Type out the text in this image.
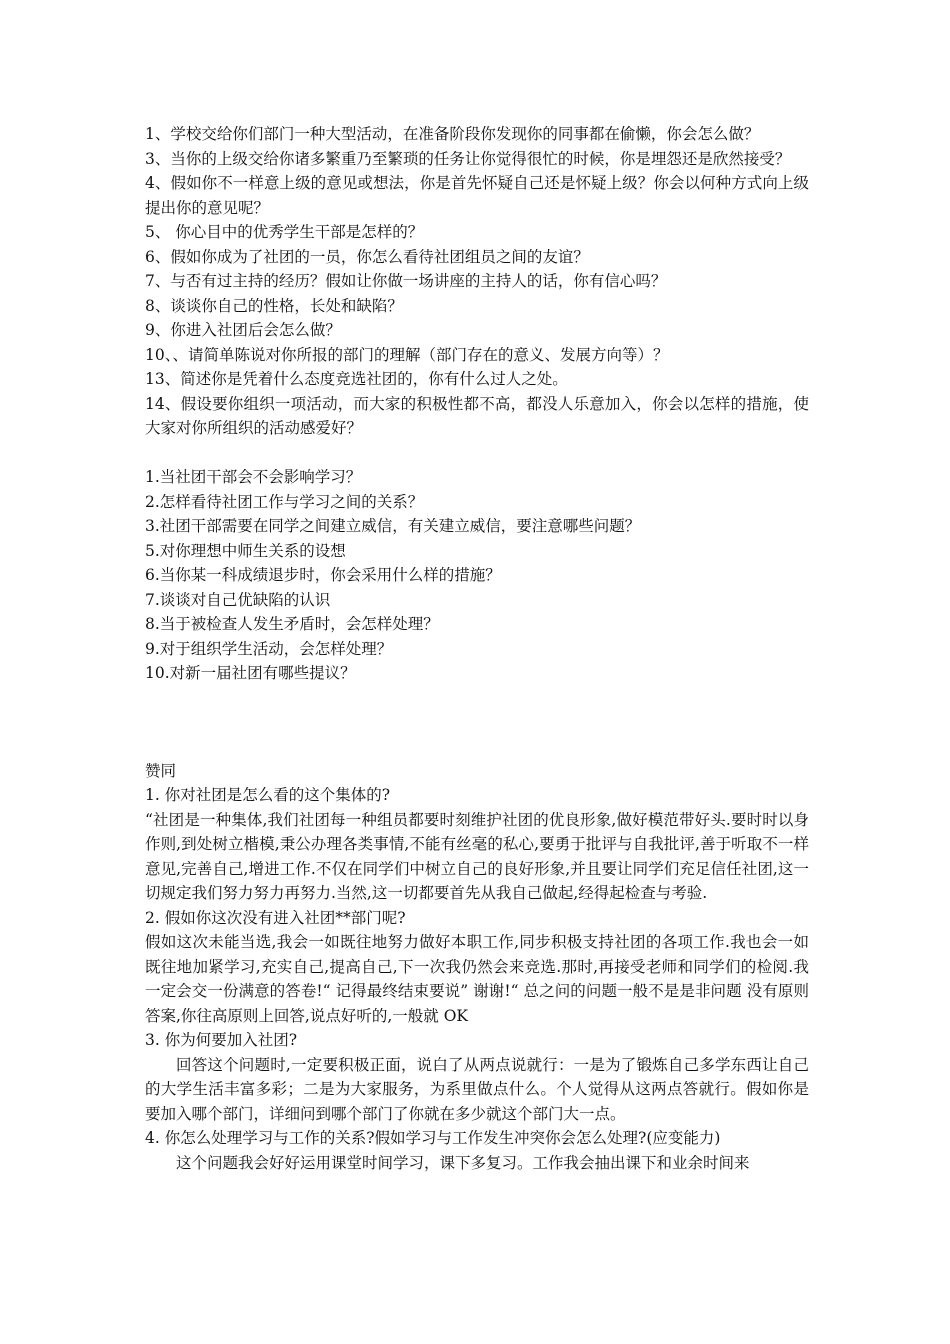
1、学校交给你们部门一种大型活动，在准备阶段你发现你的同事都在偷懒，你会怎么做？
3、当你的上级交给你诸多繁重乃至繁琐的任务让你觉得很忙的时候，你是埋怨还是欣然接受？
4、假如你不一样意上级的意见或想法，你是首先怀疑自己还是怀疑上级？你会以何种方式向上级提出你的意见呢？
5、 你心目中的优秀学生干部是怎样的？
6、假如你成为了社团的一员，你怎么看待社团组员之间的友谊？
7、与否有过主持的经历？假如让你做一场讲座的主持人的话，你有信心吗？
8、谈谈你自己的性格，长处和缺陷？
9、你进入社团后会怎么做？
10、、请简单陈说对你所报的部门的理解（部门存在的意义、发展方向等）？
13、简述你是凭着什么态度竞选社团的，你有什么过人之处。
14、假设要你组织一项活动，而大家的积极性都不高，都没人乐意加入，你会以怎样的措施，使大家对你所组织的活动感爱好？
1.当社团干部会不会影响学习？
2.怎样看待社团工作与学习之间的关系？
3.社团干部需要在同学之间建立威信，有关建立威信，要注意哪些问题？
5.对你理想中师生关系的设想
6.当你某一科成绩退步时，你会采用什么样的措施？
7.谈谈对自己优缺陷的认识
8.当于被检查人发生矛盾时，会怎样处理？
9.对于组织学生活动，会怎样处理？
10.对新一届社团有哪些提议？
赞同
1. 你对社团是怎么看的这个集体的?
“社团是一种集体,我们社团每一种组员都要时刻维护社团的优良形象,做好模范带好头.要时时以身作则,到处树立楷模,秉公办理各类事情,不能有丝毫的私心,要勇于批评与自我批评,善于听取不一样意见,完善自己,增进工作.不仅在同学们中树立自己的良好形象,并且要让同学们充足信任社团,这一切规定我们努力努力再努力.当然,这一切都要首先从我自己做起,经得起检查与考验.
2. 假如你这次没有进入社团**部门呢?
假如这次未能当选,我会一如既往地努力做好本职工作,同步积极支持社团的各项工作.我也会一如既往地加紧学习,充实自己,提高自己,下一次我仍然会来竞选.那时,再接受老师和同学们的检阅.我一定会交一份满意的答卷!“ 记得最终结束要说” 谢谢!“ 总之问的问题一般不是是非问题 没有原则答案,你往高原则上回答,说点好听的,一般就 OK
3. 你为何要加入社团?
回答这个问题时,一定要积极正面，说白了从两点说就行：一是为了锻炼自己多学东西让自己的大学生活丰富多彩；二是为大家服务，为系里做点什么。个人觉得从这两点答就行。假如你是要加入哪个部门，详细问到哪个部门了你就在多少就这个部门大一点。
4. 你怎么处理学习与工作的关系?假如学习与工作发生冲突你会怎么处理?(应变能力)
这个问题我会好好运用课堂时间学习，课下多复习。工作我会抽出课下和业余时间来
